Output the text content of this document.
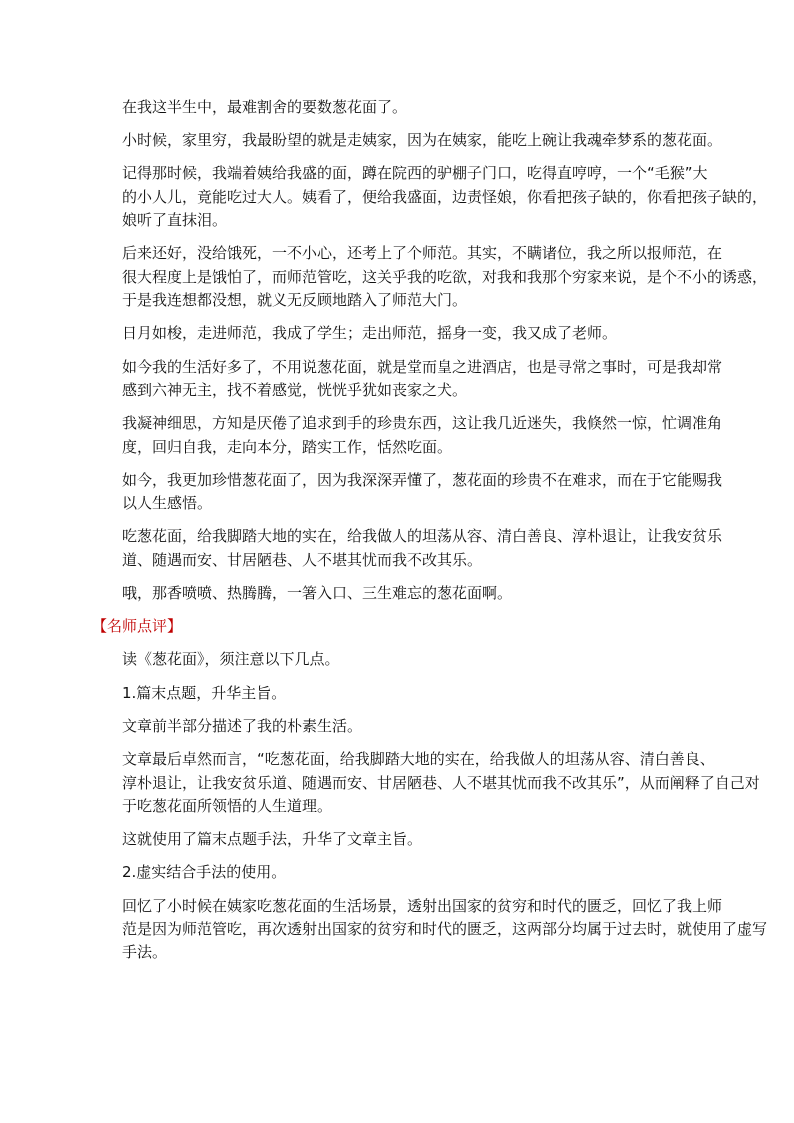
在我这半生中，最难割舍的要数葱花面了。
小时候，家里穷，我最盼望的就是走姨家，因为在姨家，能吃上碗让我魂牵梦系的葱花面。
记得那时候，我端着姨给我盛的面，蹲在院西的驴棚子门口，吃得直哼哼，一个“毛猴”大
的小人儿，竟能吃过大人。姨看了，便给我盛面，边责怪娘，你看把孩子缺的，你看把孩子缺的，
娘听了直抹泪。
后来还好，没给饿死，一不小心，还考上了个师范。其实，不瞒诸位，我之所以报师范，在
很大程度上是饿怕了，而师范管吃，这关乎我的吃欲，对我和我那个穷家来说，是个不小的诱惑，
于是我连想都没想，就义无反顾地踏入了师范大门。
日月如梭，走进师范，我成了学生；走出师范，摇身一变，我又成了老师。
如今我的生活好多了，不用说葱花面，就是堂而皇之进酒店，也是寻常之事时，可是我却常
感到六神无主，找不着感觉，恍恍乎犹如丧家之犬。
我凝神细思，方知是厌倦了追求到手的珍贵东西，这让我几近迷失，我倏然一惊，忙调准角
度，回归自我，走向本分，踏实工作，恬然吃面。
如今，我更加珍惜葱花面了，因为我深深弄懂了，葱花面的珍贵不在难求，而在于它能赐我
以人生感悟。
吃葱花面，给我脚踏大地的实在，给我做人的坦荡从容、清白善良、淳朴退让，让我安贫乐
道、随遇而安、甘居陋巷、人不堪其忧而我不改其乐。
哦，那香喷喷、热腾腾，一箸入口、三生难忘的葱花面啊。
【名师点评】
读《葱花面》，须注意以下几点。
1.篇末点题，升华主旨。
文章前半部分描述了我的朴素生活。
文章最后卓然而言，“吃葱花面，给我脚踏大地的实在，给我做人的坦荡从容、清白善良、
淳朴退让，让我安贫乐道、随遇而安、甘居陋巷、人不堪其忧而我不改其乐”，从而阐释了自己对
于吃葱花面所领悟的人生道理。
这就使用了篇末点题手法，升华了文章主旨。
2.虚实结合手法的使用。
回忆了小时候在姨家吃葱花面的生活场景，透射出国家的贫穷和时代的匮乏，回忆了我上师
范是因为师范管吃，再次透射出国家的贫穷和时代的匮乏，这两部分均属于过去时，就使用了虚写
手法。
